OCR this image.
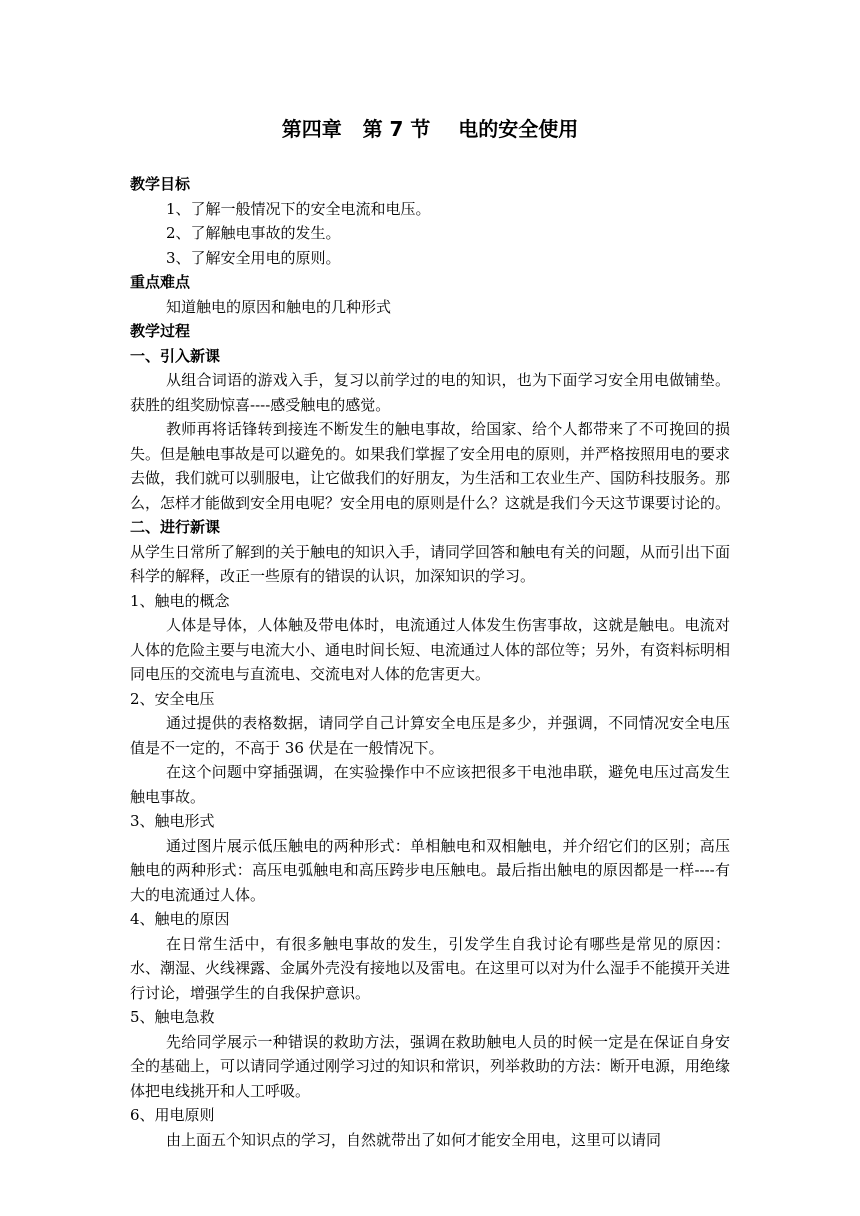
第四章   第 7 节    电的安全使用

教学目标

1、了解一般情况下的安全电流和电压。

2、了解触电事故的发生。

3、了解安全用电的原则。

重点难点

知道触电的原因和触电的几种形式

教学过程

一、引入新课

从组合词语的游戏入手，复习以前学过的电的知识，也为下面学习安全用电做铺垫。获胜的组奖励惊喜----感受触电的感觉。

教师再将话锋转到接连不断发生的触电事故，给国家、给个人都带来了不可挽回的损失。但是触电事故是可以避免的。如果我们掌握了安全用电的原则，并严格按照用电的要求去做，我们就可以驯服电，让它做我们的好朋友，为生活和工农业生产、国防科技服务。那么，怎样才能做到安全用电呢？安全用电的原则是什么？这就是我们今天这节课要讨论的。

二、进行新课

从学生日常所了解到的关于触电的知识入手，请同学回答和触电有关的问题，从而引出下面科学的解释，改正一些原有的错误的认识，加深知识的学习。

1、触电的概念

人体是导体，人体触及带电体时，电流通过人体发生伤害事故，这就是触电。电流对人体的危险主要与电流大小、通电时间长短、电流通过人体的部位等；另外，有资料标明相同电压的交流电与直流电、交流电对人体的危害更大。

2、安全电压

通过提供的表格数据，请同学自己计算安全电压是多少，并强调，不同情况安全电压值是不一定的，不高于 36 伏是在一般情况下。

在这个问题中穿插强调，在实验操作中不应该把很多干电池串联，避免电压过高发生触电事故。

3、触电形式

通过图片展示低压触电的两种形式：单相触电和双相触电，并介绍它们的区别；高压触电的两种形式：高压电弧触电和高压跨步电压触电。最后指出触电的原因都是一样----有大的电流通过人体。

4、触电的原因

在日常生活中，有很多触电事故的发生，引发学生自我讨论有哪些是常见的原因：水、潮湿、火线裸露、金属外壳没有接地以及雷电。在这里可以对为什么湿手不能摸开关进行讨论，增强学生的自我保护意识。

5、触电急救

先给同学展示一种错误的救助方法，强调在救助触电人员的时候一定是在保证自身安全的基础上，可以请同学通过刚学习过的知识和常识，列举救助的方法：断开电源，用绝缘体把电线挑开和人工呼吸。

6、用电原则

由上面五个知识点的学习，自然就带出了如何才能安全用电，这里可以请同
